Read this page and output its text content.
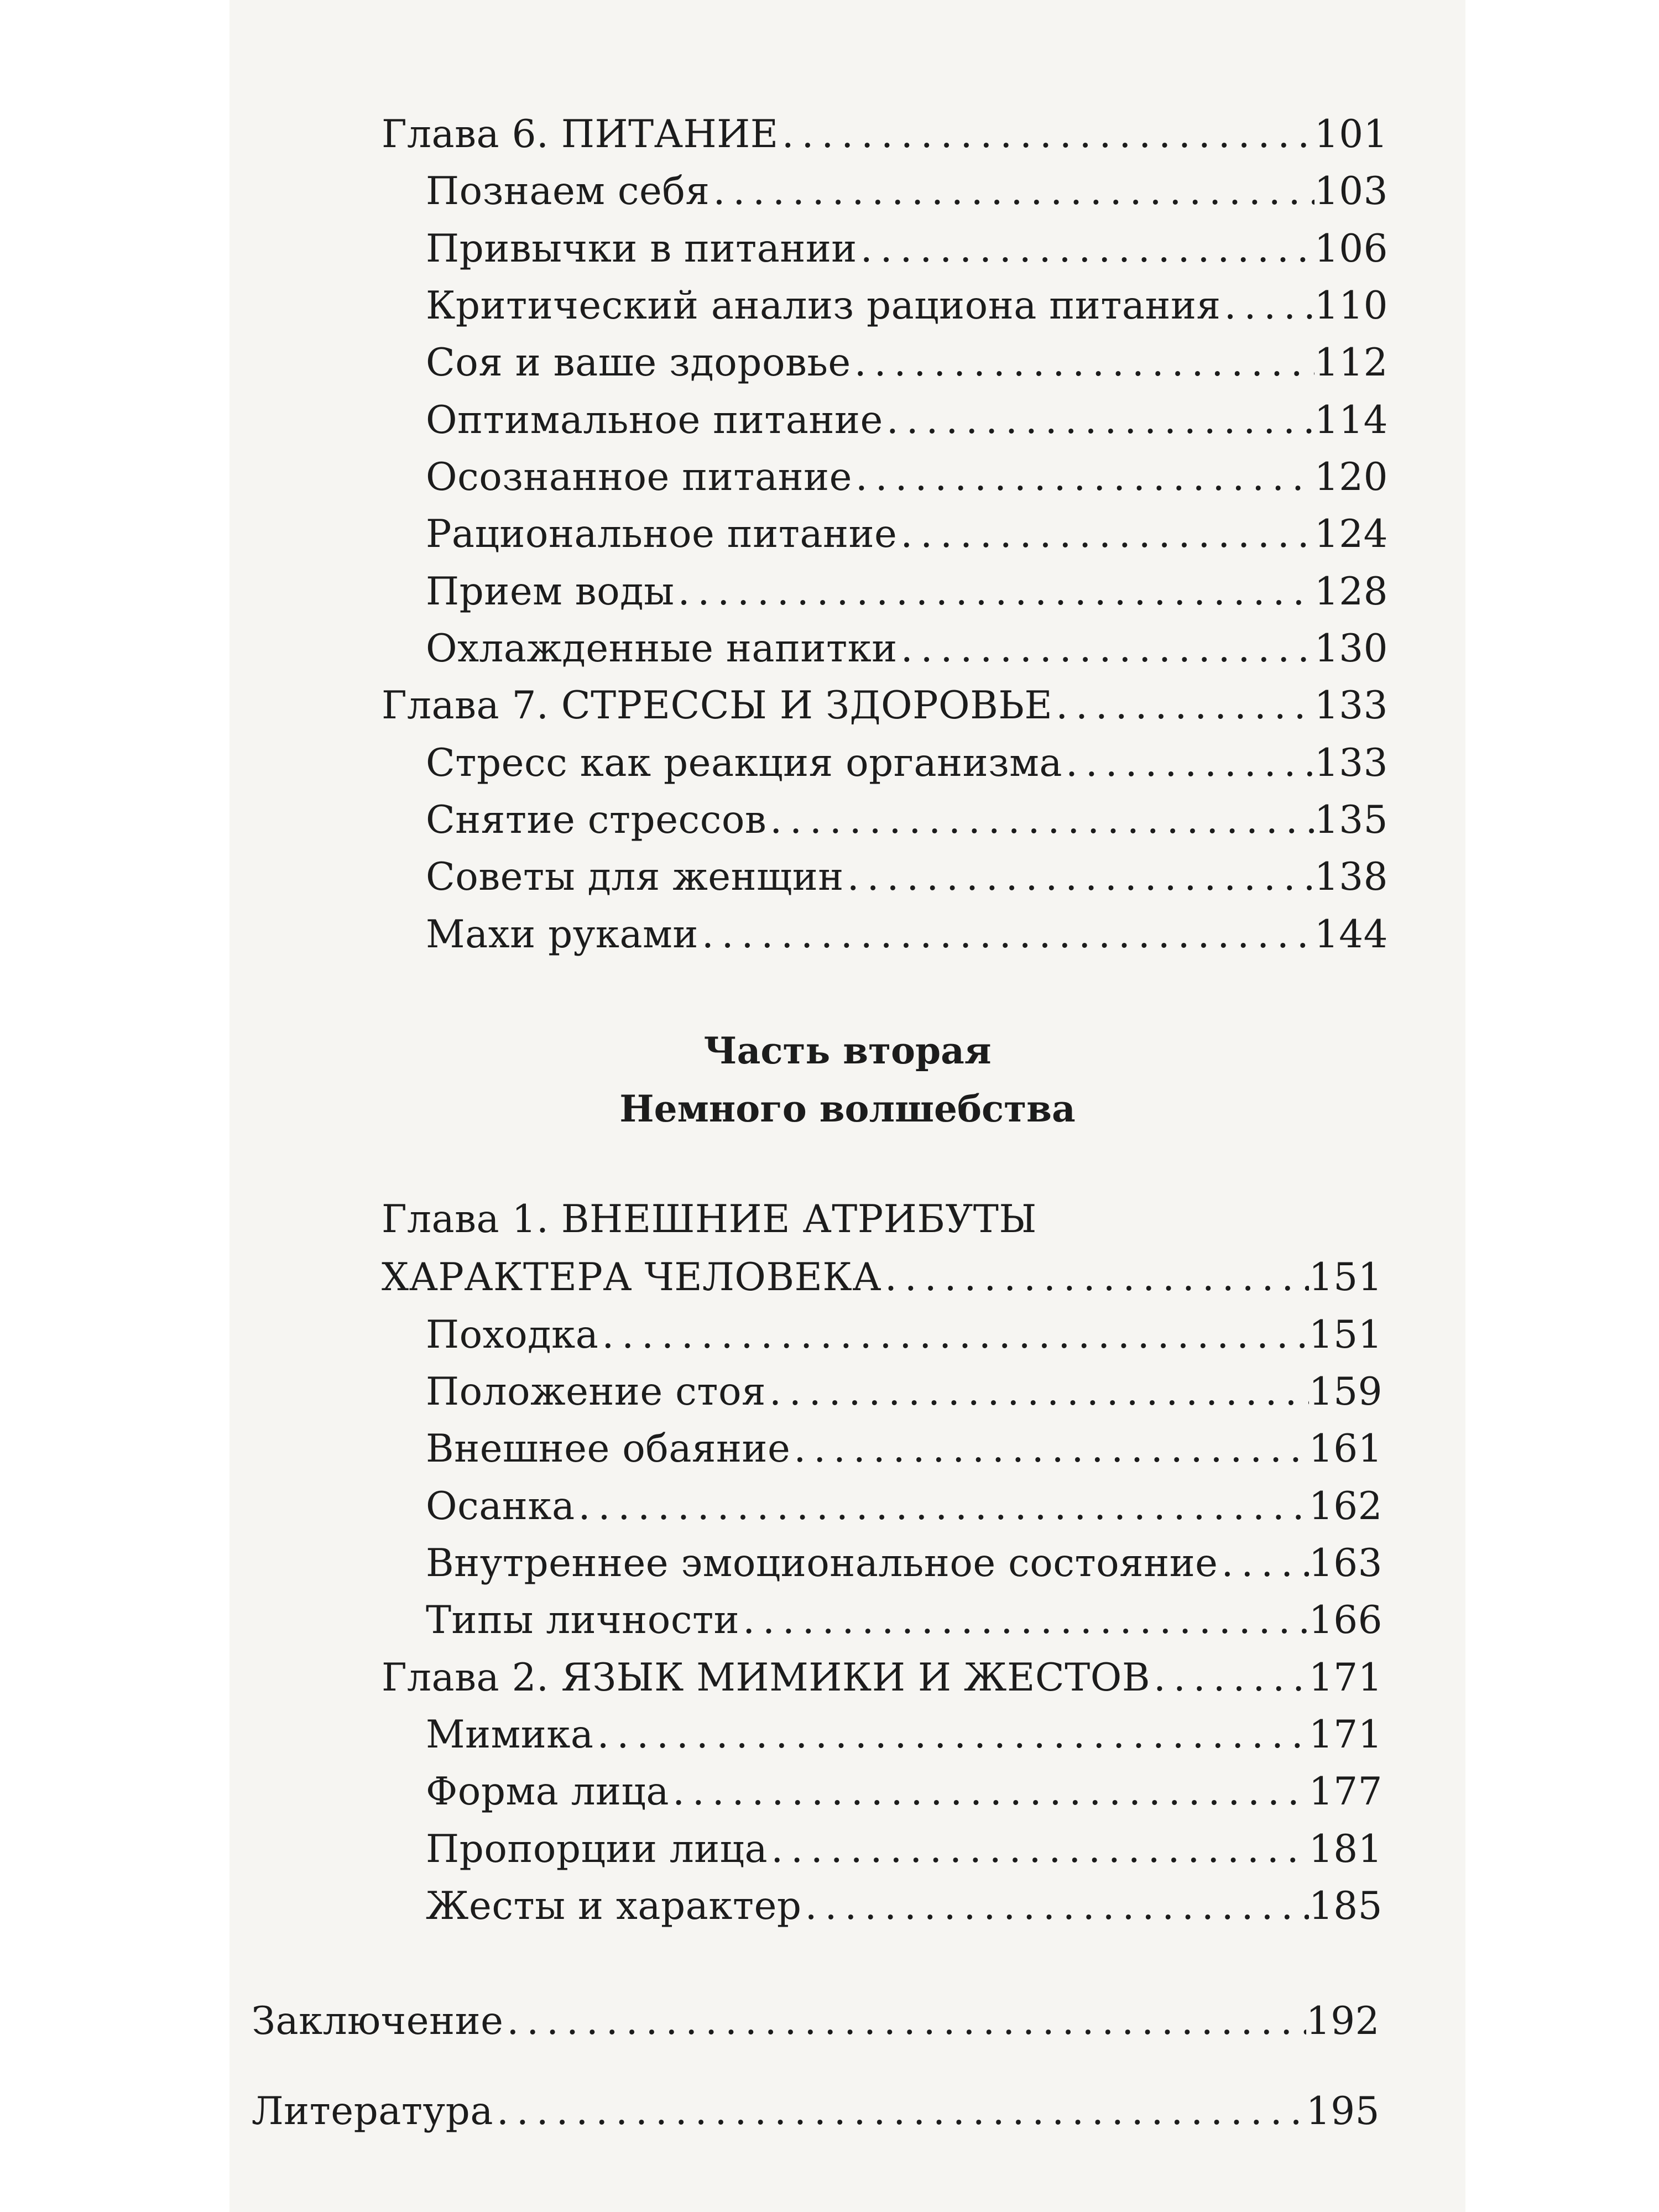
Глава 6. ПИТАНИЕ . . .	101
Познаем себя . . .	103
Привычки в питании . . .	106
Критический анализ рациона питания . . . 110
Соя и ваше здоровье . . .	112
Оптимальное питание . . .	114
Осознанное питание . . .	120
Рациональное питание . . .	124
Прием воды . . .	128
Охлажденные напитки . . .	130
Глава 7. СТРЕССЫ И ЗДОРОВЬЕ . . .	133
Стресс как реакция организма . . .	133
Снятие стрессов . . .	135
Советы для женщин . . .	138
Махи руками . . .	144
Часть вторая
Немного волшебства
Глава 1. ВНЕШНИЕ АТРИБУТЫ
ХАРАКТЕРА ЧЕЛОВЕКА . . .	151
Походка . . .	151
Положение стоя . . .	159
Внешнее обаяние . . .	161
Осанка . . .	162
Внутреннее эмоциональное состояние . . . 163
Типы личности . . .	166
Глава 2. ЯЗЫК МИМИКИ И ЖЕСТОВ . . .	171
Мимика . . .	171
Форма лица . . .	177
Пропорции лица . . .	181
Жесты и характер . . .	185
Заключение . . .	192
Литература . . .	195
